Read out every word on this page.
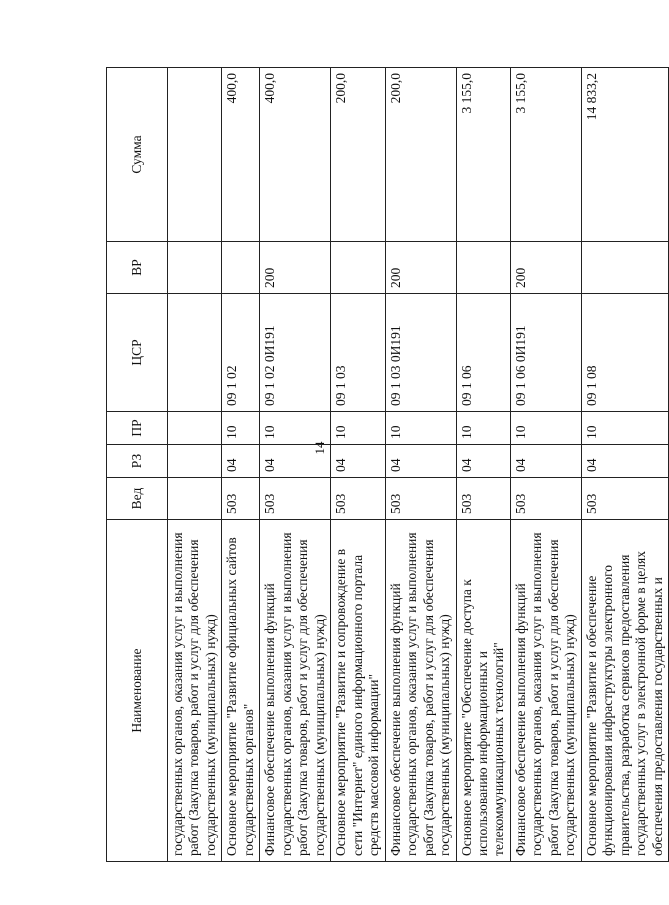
14
Наименование	Вед	РЗ	ПР	ЦСР	ВР	Сумма
государственных органов, оказания услуг и выполнения работ (Закупка товаров, работ и услуг для обеспечения государственных (муниципальных) нужд)						
Основное мероприятие "Развитие официальных сайтов государственных органов"	503	04	10	09 1 02		400,0
Финансовое обеспечение выполнения функций государственных органов, оказания услуг и выполнения работ (Закупка товаров, работ и услуг для обеспечения государственных (муниципальных) нужд)	503	04	10	09 1 02 0И191	200	400,0
Основное мероприятие "Развитие и сопровождение в сети "Интернет" единого информационного портала средств массовой информации"	503	04	10	09 1 03		200,0
Финансовое обеспечение выполнения функций государственных органов, оказания услуг и выполнения работ (Закупка товаров, работ и услуг для обеспечения государственных (муниципальных) нужд)	503	04	10	09 1 03 0И191	200	200,0
Основное мероприятие "Обеспечение доступа к использованию информационных и телекоммуникационных технологий"	503	04	10	09 1 06		3 155,0
Финансовое обеспечение выполнения функций государственных органов, оказания услуг и выполнения работ (Закупка товаров, работ и услуг для обеспечения государственных (муниципальных) нужд)	503	04	10	09 1 06 0И191	200	3 155,0
Основное мероприятие "Развитие и обеспечение функционирования инфраструктуры электронного правительства, разработка сервисов предоставления государственных услуг в электронной форме в целях обеспечения предоставления государственных и	503	04	10	09 1 08		14 833,2
